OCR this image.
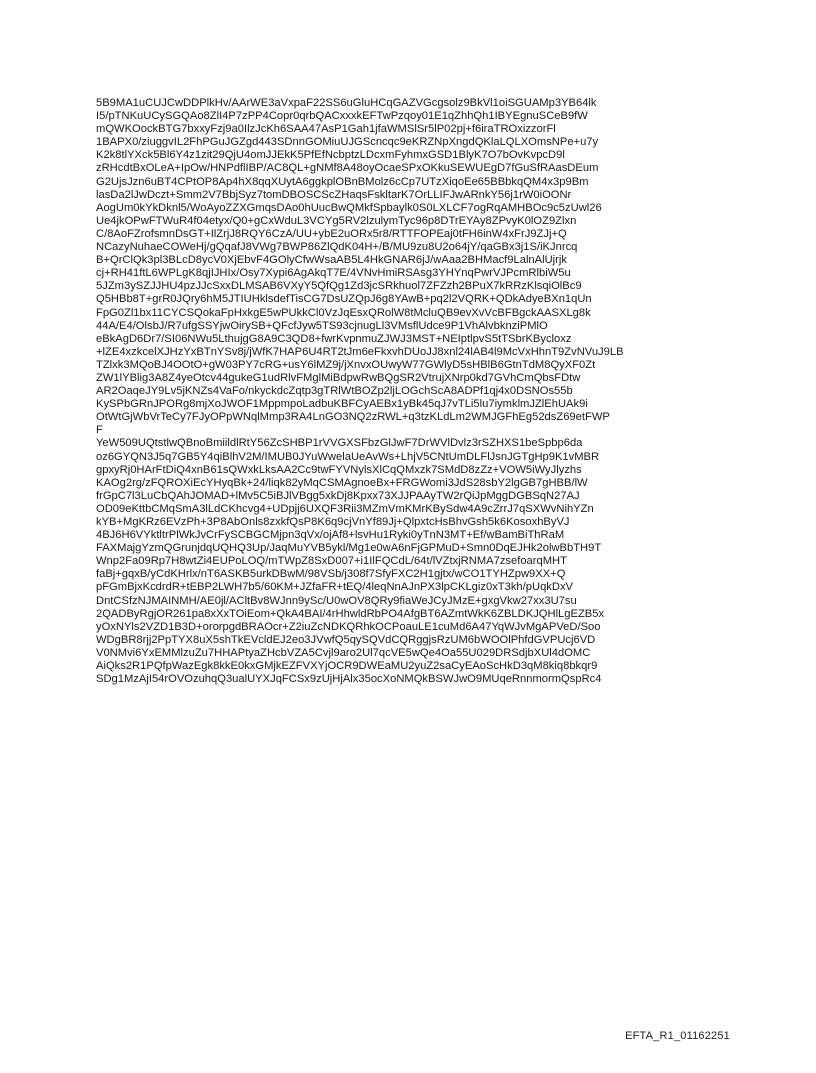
5B9MA1uCUJCwDDPlkHv/AArWE3aVxpaF22SS6uGluHCqGAZVGcgsolz9BkVl1oiSGUAMp3YB64lk
I5/pTNKuUCySGQAo8ZlI4P7zPP4Copr0qrbQACxxxkEFTwPzqoy01E1qZhhQh1IBYEgnuSCeB9fW
mQWKOockBTG7bxxyFzj9a0IlzJcKh6SAA47AsP1Gah1jfaWMSlSr5lP02pj+f6iraTROxizzorFl
1BAPX0/ziuggvIL2FhPGuJGZgd443SDnnGOMiuUJGScncqc9eKRZNpXngdQKlaLQLXOmsNPe+u7y
K2k8tlYXck5Bl6Y4z1zit29QjU4omJJEkK5PfEfNcbptzLDcxmFyhmxGSD1BlyK7O7bOvKvpcD9l
zRHcdtBxOLeA+IpOw/HNPdflIBP/AC8QL+gNMf8A48oyOcaeSPxOKkuSEWUEgD7fGuSfRAasDEum
G2UjsJzn6uBT4CPtOP8Ap4hX8qqXUytA6ggkplOBnBMolz6cCp7UTzXiqoEe65BBbkqQM4x3p9Bm
lasDa2lJwDczt+Smm2V7BbjSyz7tomDBOSCScZHaqsFskltarK7OrLLIFJwARnkY56j1rW0iOONr
AogUm0kYkDknl5/WoAyoZZXGmqsDAo0hUucBwQMkfSpbaylk0S0LXLCF7ogRqAMHBOc9c5zUwl26
Ue4jkOPwFTWuR4f04etyx/Q0+gCxWduL3VCYg5RV2lzulymTyc96p8DTrEYAy8ZPvyK0lOZ9Zlxn
C/8AoFZrofsmnDsGT+IlZrjJ8RQY6CzA/UU+ybE2uORx5r8/RTTFOPEaj0tFH6inW4xFrJ9ZJj+Q
NCazyNuhaeCOWeHj/gQqafJ8VWg7BWP86ZlQdK04H+/B/MU9zu8U2o64jY/qaGBx3j1S/iKJnrcq
B+QrClQk3pl3BLcD8ycV0XjEbvF4GOlyCfwWsaAB5L4HkGNAR6jJ/wAaa2BHMacf9LalnAlUjrjk
cj+RH41ftL6WPLgK8qjIJHIx/Osy7Xypi6AgAkqT7E/4VNvHmiRSAsg3YHYnqPwrVJPcmRlbiW5u
5JZm3ySZJJHU4pzJJcSxxDLMSAB6VXyY5QfQg1Zd3jcSRkhuol7ZFZzh2BPuX7kRRzKlsqiOlBc9
Q5HBb8T+grR0JQry6hM5JTIUHklsdefTisCG7DsUZQpJ6g8YAwB+pq2l2VQRK+QDkAdyeBXn1qUn
FpG0Zl1bx11CYCSQokaFpHxkgE5wPUkkCl0VzJqEsxQRolW8tMcluQB9evXvVcBFBgckAASXLg8k
44A/E4/OlsbJ/R7ufgSSYjwOirySB+QFcfJyw5TS93cjnugLl3VMsflUdce9P1VhAlvbknziPMlO
eBkAgD6Dr7/SI06NWu5LthujgG8A9C3QD8+fwrKvpnmuZJWJ3MST+NEIptlpvS5tTSbrKBycloxz
+lZE4xzkcelXJHzYxBTnYSv8j/jWfK7HAP6U4RT2tJm6eFkxvhDUoJJ8xnl24lAB4l9McVxHhnT9ZvNVuJ9LB
TZlxk3MQoBJ4OOtO+gW03PY7cRG+usY6lMZ9j/jXnvxOUwyW77GWlyD5sHBlB6GtnTdM8QyXF0Zt
ZW1lYBlig3A8Z4yeOtcv44gukeG1udRlvFMglMiBdpwRwBQgSR2VtrujXNrp0kd7GVhCmQbsFDtw
AR2OaqeJY9Lv5jKNZs4VaFo/nkyckdcZqtp3gTRlWtBOZp2ljLOGchScA8ADPf1qj4x0DSNOs55b
KySPbGRnJPORg8mjXoJWOF1MppmpoLadbuKBFCyAEBx1yBk45qJ7vTLi5lu7iymklmJZlEhUAk9i
OtWtGjWbVrTeCy7FJyOPpWNqlMmp3RA4LnGO3NQ2zRWL+q3tzKLdLm2WMJGFhEg52dsZ69etFWP
F
YeW509UQtstlwQBnoBmiildlRtY56ZcSHBP1rVVGXSFbzGlJwF7DrWVlDvlz3rSZHXS1beSpbp6da
oz6GYQN3J5q7GB5Y4qiBlhV2M/IMUB0JYuWwelaUeAvWs+LhjV5CNtUmDLFlJsnJGTgHp9K1vMBR
gpxyRj0HArFtDiQ4xnB61sQWxkLksAA2Cc9twFYVNylsXlCqQMxzk7SMdD8zZz+VOW5iWyJlyzhs
KAOg2rg/zFQROXiEcYHyqBk+24/liqk82yMqCSMAgnoeBx+FRGWomi3JdS28sbY2lgGB7gHBB/lW
frGpC7l3LuCbQAhJOMAD+lMv5C5iBJlVBgg5xkDj8Kpxx73XJJPAAyTW2rQiJpMggDGBSqN27AJ
OD09eKttbCMqSmA3lLdCKhcvg4+UDpjj6UXQF3Rii3MZmVmKMrKBySdw4A9cZrrJ7qSXWvNihYZn
kYB+MgKRz6EVzPh+3P8AbOnls8zxkfQsP8K6q9cjVnYf89Jj+QlpxtcHsBhvGsh5k6KosoxhByVJ
4BJ6H6VYktltrPlWkJvCrFySCBGCMjpn3qVx/ojAf8+lsvHu1Ryki0yTnN3MT+Ef/wBamBiThRaM
FAXMajgYzmQGrunjdqUQHQ3Up/JaqMuYVB5ykl/Mg1e0wA6nFjGPMuD+Smn0DqEJHk2olwBbTH9T
Wnp2Fa09Rp7H8wtZi4EUPoLOQ/mTWpZ8SxD007+i1IlFQCdL/64t/lVZtxjRNMA7zsefoarqMHT
faBj+gqxB/yCdKHrlx/nT6ASKB5urkDBwM/98VSb/j308f7SfyFXC2H1gjtx/wCO1TYHZpw9XX+Q
pFGmBjxKcdrdR+tEBP2LWH7b5/60KM+JZfaFR+tEQ/4leqNnAJnPX3lpCKLgiz0xT3kh/pUqkDxV
DntCSfzNJMAINMH/AE0jl/ACltBv8WJnn9ySc/U0wOV8QRy9fiaWeJCyJMzE+gxgVkw27xx3U7su
2QADByRgjOR261pa8xXxTOiEom+QkA4BAI/4rHhwldRbPO4AfgBT6AZmtWkK6ZBLDKJQHlLgEZB5x
yOxNYls2VZD1B3D+ororpgdBRAOcr+Z2iuZcNDKQRhkOCPoauLE1cuMd6A47YqWJvMgAPVeD/Soo
WDgBR8rjj2PpTYX8uX5shTkEVcldEJ2eo3JVwfQ5qySQVdCQRggjsRzUM6bWOOlPhfdGVPUcj6VD
V0NMvi6YxEMMlzuZu7HHAPtyaZHcbVZA5Cvjl9aro2Ul7qcVE5wQe4Oa55U029DRSdjbXUl4dOMC
AiQks2R1PQfpWazEgk8kkE0kxGMjkEZFVXYjOCR9DWEaMU2yuZ2saCyEAoScHkD3qM8kiq8bkqr9
SDg1MzAjI54rOVOzuhqQ3ualUYXJqFCSx9zUjHjAlx35ocXoNMQkBSWJwO9MUqeRnnmormQspRc4
EFTA_R1_01162251
